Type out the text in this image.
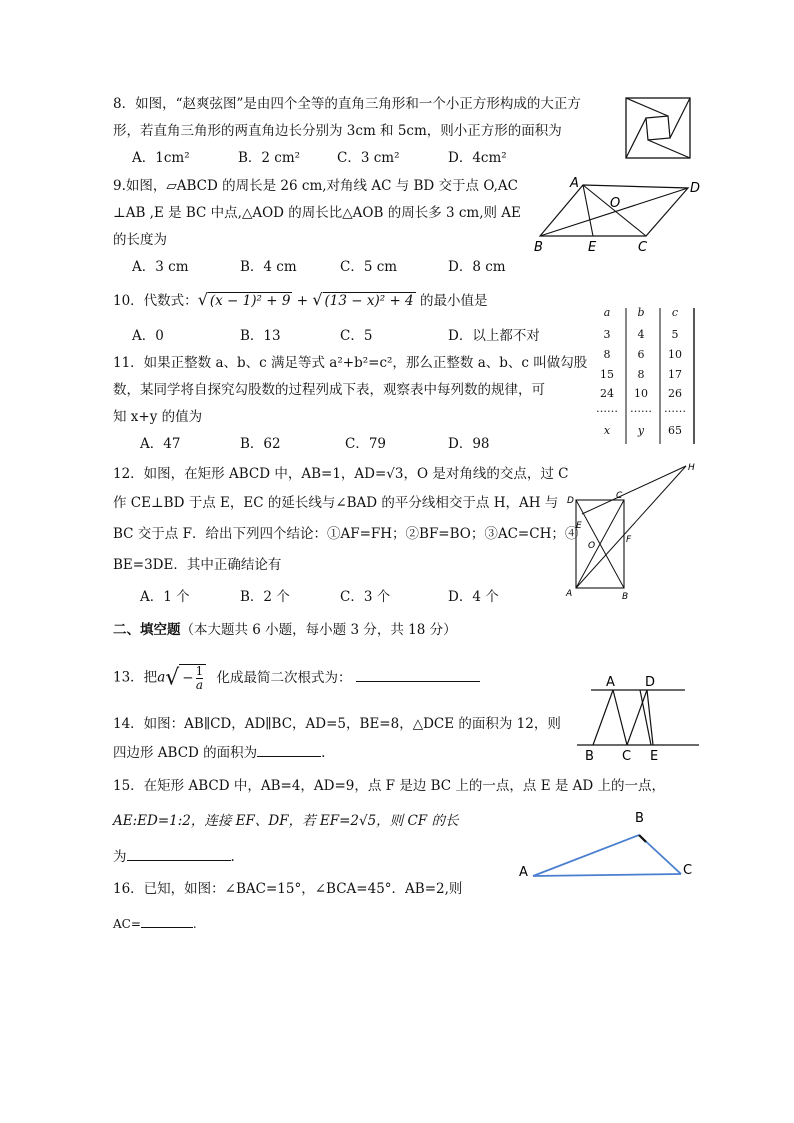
8．如图，“赵爽弦图”是由四个全等的直角三角形和一个小正方形构成的大正方
形，若直角三角形的两直角边长分别为 3cm 和 5cm，则小正方形的面积为
A．1cm²	B．2 cm²	C．3 cm²	D．4cm²
9.如图，▱ABCD 的周长是 26 cm,对角线 AC 与 BD 交于点 O,AC
⊥AB ,E 是 BC 中点,△AOD 的周长比△AOB 的周长多 3 cm,则 AE
的长度为
A．3 cm	B．4 cm	C．5 cm	D．8 cm
A	D
B	E	C
O
10．代数式：√ (x − 1)² + 9 + √ (13 − x)² + 4 的最小值是
A．0	B．13	C．5	D．以上都不对
11．如果正整数 a、b、c 满足等式 a²+b²=c²，那么正整数 a、b、c 叫做勾股
数，某同学将自探究勾股数的过程列成下表，观察表中每列数的规律，可
知 x+y 的值为
A．47	B．62	C．79	D．98
a	b	c
3	4	5
8	6	10
15	8	17
24	10	26
……	……	……
x	y	65
12．如图，在矩形 ABCD 中，AB=1，AD=√3，O 是对角线的交点，过 C
作 CE⊥BD 于点 E，EC 的延长线与∠BAD 的平分线相交于点 H，AH 与
BC 交于点 F．给出下列四个结论：①AF=FH；②BF=BO；③AC=CH；④
BE=3DE．其中正确结论有
A．1 个	B．2 个	C．3 个	D．4 个
D	C
H
E
O
F
A	B
二、填空题（本大题共 6 小题，每小题 3 分，共 18 分）
13．把$a√ - \frac{1}{a}$ 化成最简二次根式为：	A D
B C E
14．如图：AB∥CD，AD∥BC，AD=5，BE=8，△DCE 的面积为 12，则
四边形 ABCD 的面积为	.
15．在矩形 ABCD 中，AB=4，AD=9，点 F 是边 BC 上的一点，点 E 是 AD 上的一点，
AE:ED=1:2，连接 EF、DF，若 EF=2√5，则 CF 的长
为	.
B
A	C
16．已知，如图：∠BAC=15°，∠BCA=45°．AB=2,则
AC=	.
